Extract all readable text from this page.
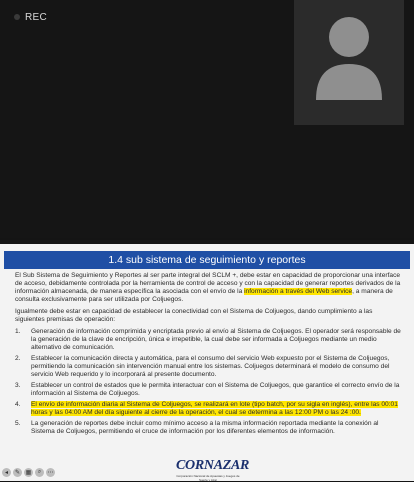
REC
1.4 sub sistema de seguimiento y reportes

El Sub Sistema de Seguimiento y Reportes al ser parte integral del SCLM +, debe estar en capacidad de proporcionar una interface de acceso, debidamente controlada por la herramienta de control de acceso y con la capacidad de generar reportes derivados de la información almacenada, de manera específica la asociada con el envío de la información a través del Web service, a manera de consulta exclusivamente para ser utilizada por Coljuegos.

Igualmente debe estar en capacidad de establecer la conectividad con el Sistema de Coljuegos, dando cumplimiento a las siguientes premisas de operación:

1. Generación de información comprimida y encriptada previo al envío al Sistema de Coljuegos. El operador será responsable de la generación de la clave de encripción, única e irrepetible, la cual debe ser informada a Coljuegos mediante un medio alternativo de comunicación.
2. Establecer la comunicación directa y automática, para el consumo del servicio Web expuesto por el Sistema de Coljuegos, permitiendo la comunicación sin intervención manual entre los sistemas. Coljuegos determinará el modelo de consumo del servicio Web requerido y lo incorporará al presente documento.
3. Establecer un control de estados que le permita interactuar con el Sistema de Coljuegos, que garantice el correcto envío de la información al Sistema de Coljuegos.
4. El envío de información diaria al Sistema de Coljuegos, se realizará en lote (tipo batch, por su sigla en inglés), entre las 00:01 horas y las 04:00 AM del día siguiente al cierre de la operación, el cual se determina a las 12:00 PM o las 24 :00.
5. La generación de reportes debe incluir como mínimo acceso a la misma información reportada mediante la conexión al Sistema de Coljuegos, permitiendo el cruce de información por los diferentes elementos de información.
CORNAZAR
Corporación Nacional de Apuestas y Juegos de Suerte y Azar
◂	✎ ▦	⌕	⋯
